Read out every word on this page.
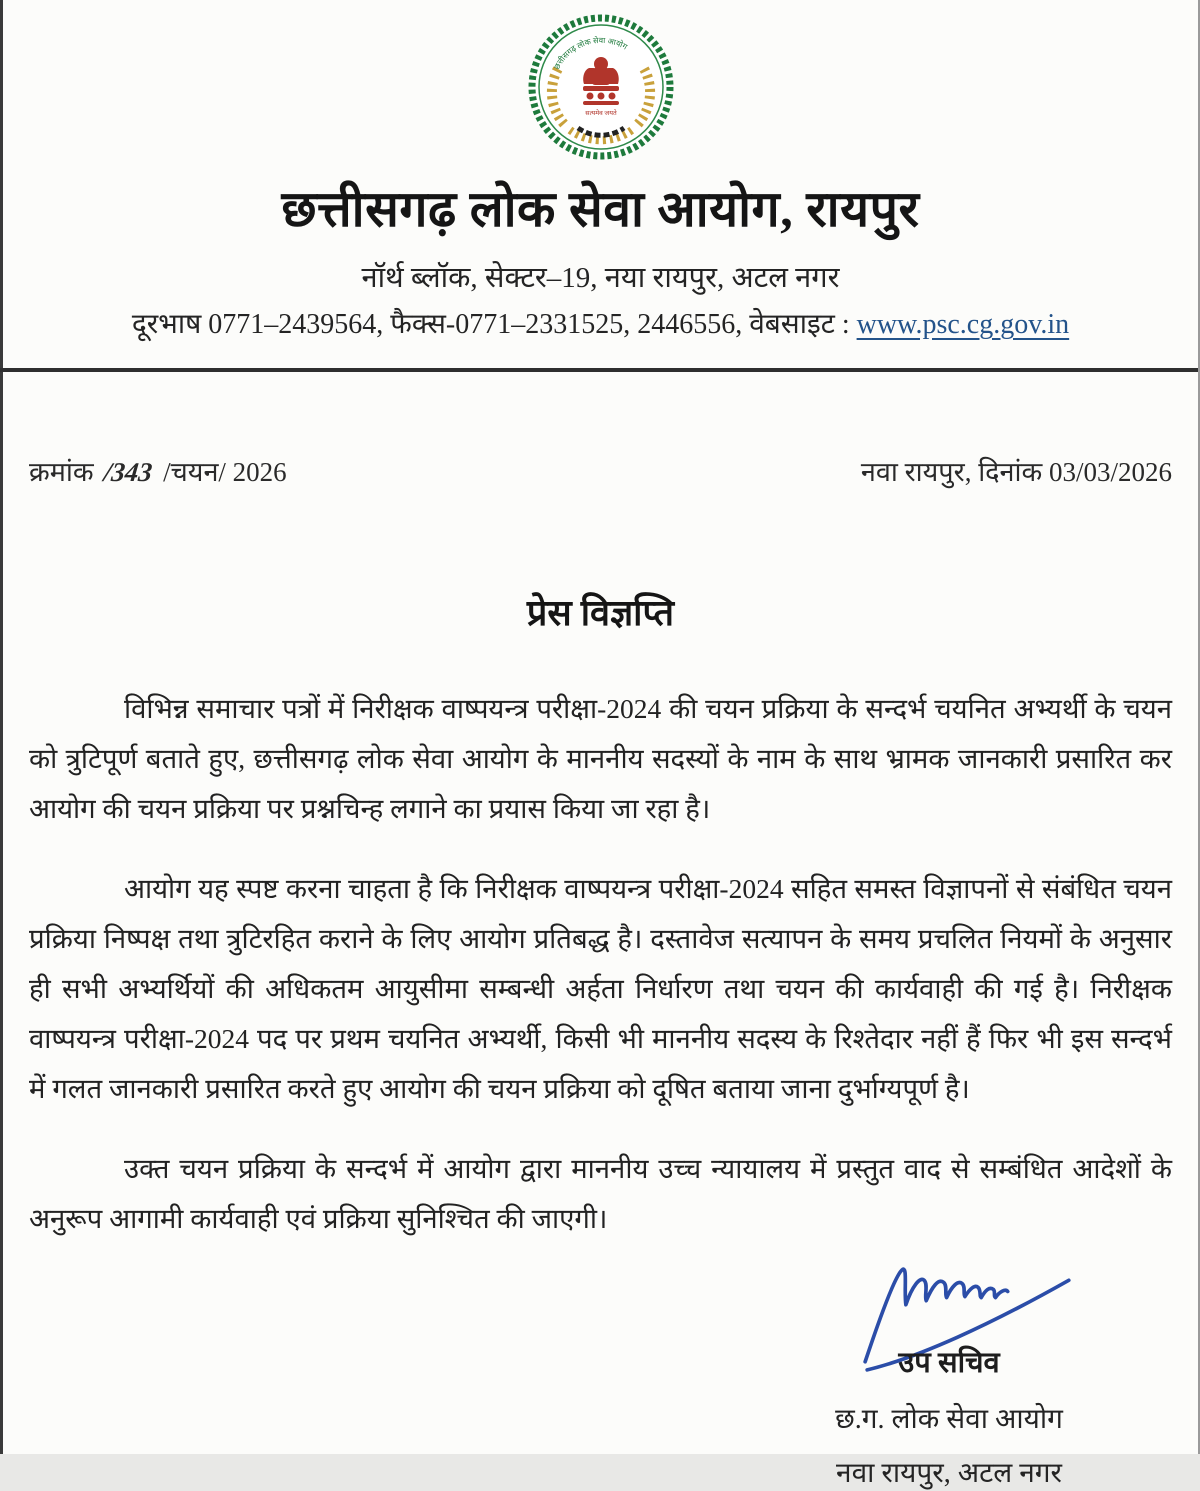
छत्तीसगढ़ लोक सेवा आयोग
सत्यमेव जयते
छत्तीसगढ़ लोक सेवा आयोग, रायपुर
नॉर्थ ब्लॉक, सेक्टर–19, नया रायपुर, अटल नगर
दूरभाष 0771–2439564, फैक्स-0771–2331525, 2446556, वेबसाइट : www.psc.cg.gov.in
क्रमांक /343 /चयन/ 2026	नवा रायपुर, दिनांक 03/03/2026
प्रेस विज्ञप्ति

विभिन्न समाचार पत्रों में निरीक्षक वाष्पयन्त्र परीक्षा-2024 की चयन प्रक्रिया के सन्दर्भ चयनित अभ्यर्थी के चयन को त्रुटिपूर्ण बताते हुए, छत्तीसगढ़ लोक सेवा आयोग के माननीय सदस्यों के नाम के साथ भ्रामक जानकारी प्रसारित कर आयोग की चयन प्रक्रिया पर प्रश्नचिन्ह लगाने का प्रयास किया जा रहा है।

आयोग यह स्पष्ट करना चाहता है कि निरीक्षक वाष्पयन्त्र परीक्षा-2024 सहित समस्त विज्ञापनों से संबंधित चयन प्रक्रिया निष्पक्ष तथा त्रुटिरहित कराने के लिए आयोग प्रतिबद्ध है। दस्तावेज सत्यापन के समय प्रचलित नियमों के अनुसार ही सभी अभ्यर्थियों की अधिकतम आयुसीमा सम्बन्धी अर्हता निर्धारण तथा चयन की कार्यवाही की गई है। निरीक्षक वाष्पयन्त्र परीक्षा-2024 पद पर प्रथम चयनित अभ्यर्थी, किसी भी माननीय सदस्य के रिश्तेदार नहीं हैं फिर भी इस सन्दर्भ में गलत जानकारी प्रसारित करते हुए आयोग की चयन प्रक्रिया को दूषित बताया जाना दुर्भाग्यपूर्ण है।

उक्त चयन प्रक्रिया के सन्दर्भ में आयोग द्वारा माननीय उच्च न्यायालय में प्रस्तुत वाद से सम्बंधित आदेशों के अनुरूप आगामी कार्यवाही एवं प्रक्रिया सुनिश्चित की जाएगी।

उप सचिव
छ.ग. लोक सेवा आयोग
नवा रायपुर, अटल नगर
